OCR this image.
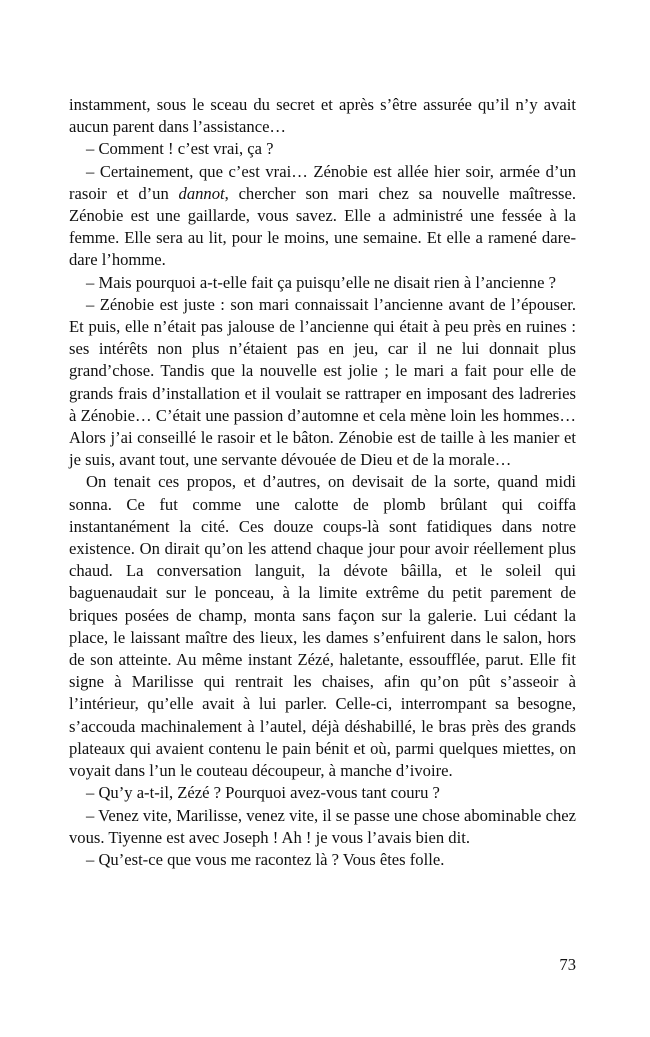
instamment, sous le sceau du secret et après s’être assurée qu’il n’y avait aucun parent dans l’assistance…

– Comment ! c’est vrai, ça ?

– Certainement, que c’est vrai… Zénobie est allée hier soir, armée d’un rasoir et d’un dannot, chercher son mari chez sa nouvelle maîtresse. Zénobie est une gaillarde, vous savez. Elle a administré une fessée à la femme. Elle sera au lit, pour le moins, une semaine. Et elle a ramené dare-dare l’homme.

– Mais pourquoi a-t-elle fait ça puisqu’elle ne disait rien à l’ancienne ?

– Zénobie est juste : son mari connaissait l’ancienne avant de l’épouser. Et puis, elle n’était pas jalouse de l’ancienne qui était à peu près en ruines : ses intérêts non plus n’étaient pas en jeu, car il ne lui donnait plus grand’chose. Tandis que la nouvelle est jolie ; le mari a fait pour elle de grands frais d’installation et il voulait se rattraper en imposant des ladreries à Zénobie… C’était une passion d’automne et cela mène loin les hommes… Alors j’ai conseillé le rasoir et le bâton. Zénobie est de taille à les manier et je suis, avant tout, une servante dévouée de Dieu et de la morale…

On tenait ces propos, et d’autres, on devisait de la sorte, quand midi sonna. Ce fut comme une calotte de plomb brûlant qui coiffa instantanément la cité. Ces douze coups-là sont fatidiques dans notre existence. On dirait qu’on les attend chaque jour pour avoir réellement plus chaud. La conversation languit, la dévote bâilla, et le soleil qui baguenaudait sur le ponceau, à la limite extrême du petit parement de briques posées de champ, monta sans façon sur la galerie. Lui cédant la place, le laissant maître des lieux, les dames s’enfuirent dans le salon, hors de son atteinte. Au même instant Zézé, haletante, essoufflée, parut. Elle fit signe à Marilisse qui rentrait les chaises, afin qu’on pût s’asseoir à l’intérieur, qu’elle avait à lui parler. Celle-ci, interrompant sa besogne, s’accouda machinalement à l’autel, déjà déshabillé, le bras près des grands plateaux qui avaient contenu le pain bénit et où, parmi quelques miettes, on voyait dans l’un le couteau découpeur, à manche d’ivoire.

– Qu’y a-t-il, Zézé ? Pourquoi avez-vous tant couru ?

– Venez vite, Marilisse, venez vite, il se passe une chose abominable chez vous. Tiyenne est avec Joseph ! Ah ! je vous l’avais bien dit.

– Qu’est-ce que vous me racontez là ? Vous êtes folle.

73
